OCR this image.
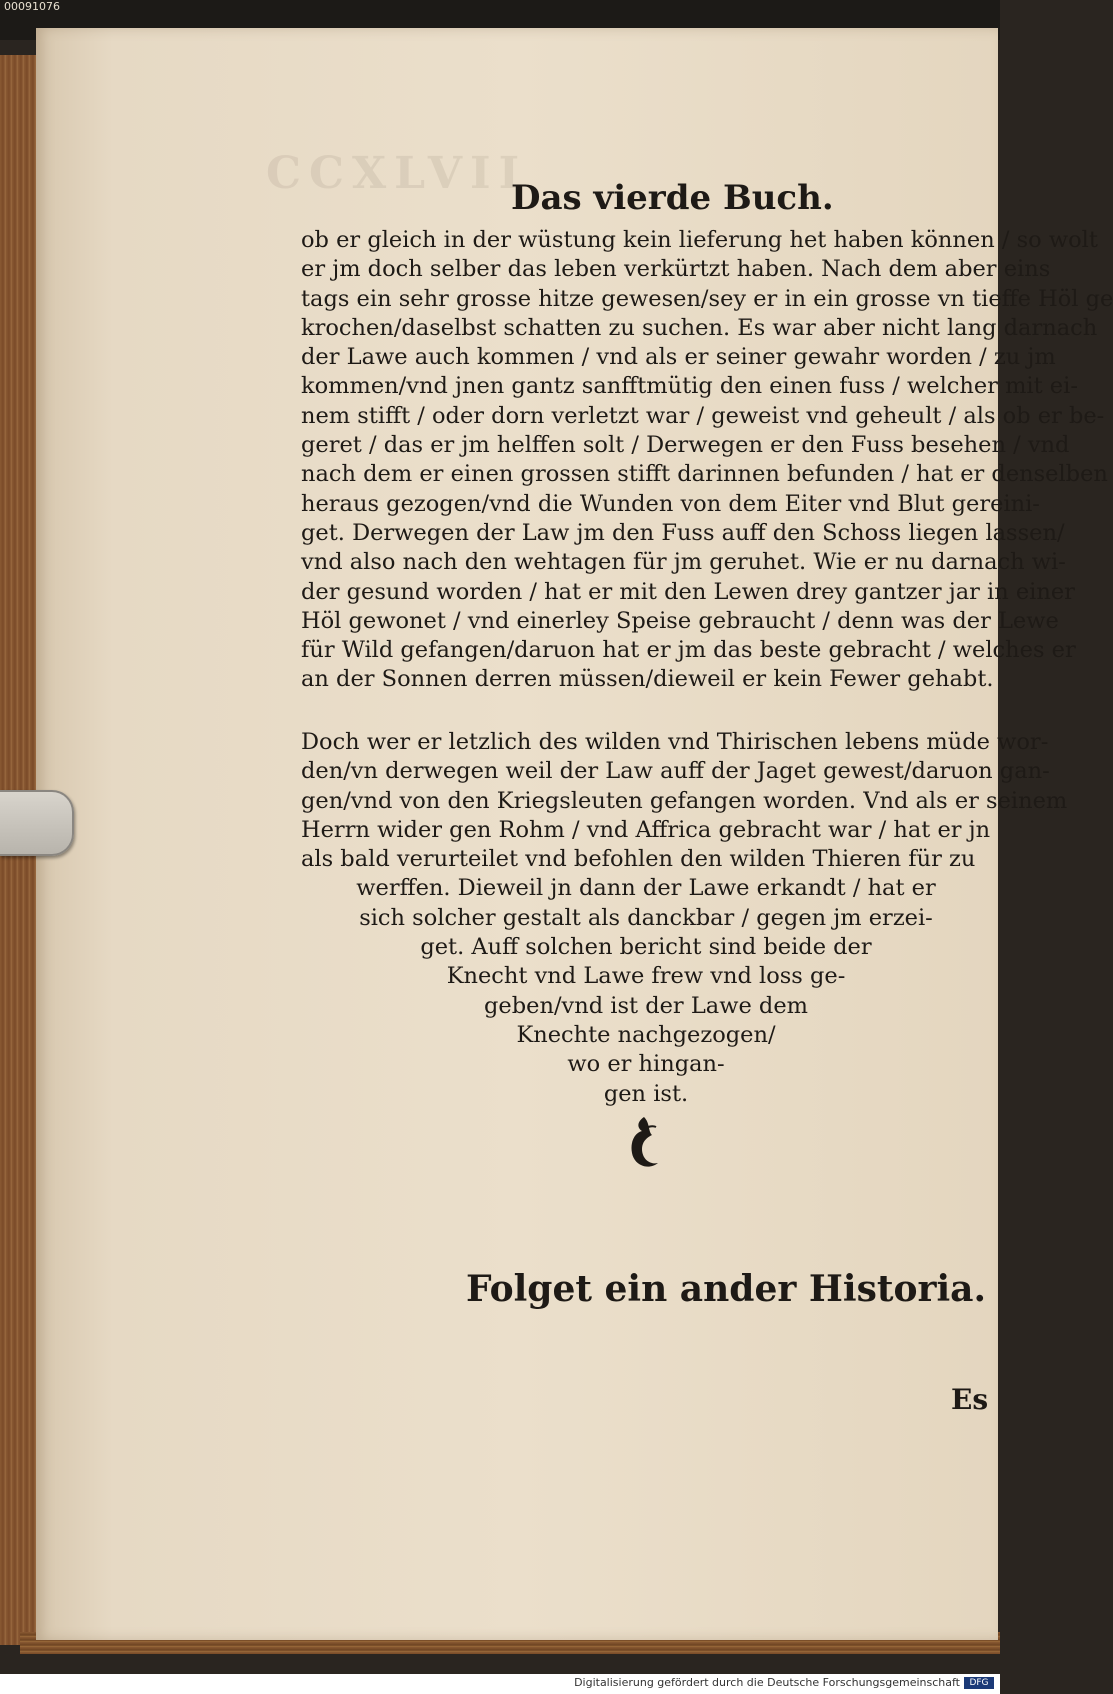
00091076
CCXLVII
Das vierde Buch.
ob er gleich in der wüstung kein lieferung het haben können / so wolt
er jm doch selber das leben verkürtzt haben. Nach dem aber eins
tags ein sehr grosse hitze gewesen/sey er in ein grosse vn tieffe Höl ge
krochen/daselbst schatten zu suchen. Es war aber nicht lang darnach
der Lawe auch kommen / vnd als er seiner gewahr worden / zu jm
kommen/vnd jnen gantz sanfftmütig den einen fuss / welcher mit ei-
nem stifft / oder dorn verletzt war / geweist vnd geheult / als ob er be-
geret / das er jm helffen solt / Derwegen er den Fuss besehen / vnd
nach dem er einen grossen stifft darinnen befunden / hat er denselben
heraus gezogen/vnd die Wunden von dem Eiter vnd Blut gereini-
get. Derwegen der Law jm den Fuss auff den Schoss liegen lassen/
vnd also nach den wehtagen für jm geruhet. Wie er nu darnach wi-
der gesund worden / hat er mit den Lewen drey gantzer jar in einer
Höl gewonet / vnd einerley Speise gebraucht / denn was der Lewe
für Wild gefangen/daruon hat er jm das beste gebracht / welches er
an der Sonnen derren müssen/dieweil er kein Fewer gehabt.
Doch wer er letzlich des wilden vnd Thirischen lebens müde wor-
den/vn derwegen weil der Law auff der Jaget gewest/daruon gan-
gen/vnd von den Kriegsleuten gefangen worden. Vnd als er seinem
Herrn wider gen Rohm / vnd Affrica gebracht war / hat er jn
als bald verurteilet vnd befohlen den wilden Thieren für zu
werffen. Dieweil jn dann der Lawe erkandt / hat er
sich solcher gestalt als danckbar / gegen jm erzei-
get. Auff solchen bericht sind beide der
Knecht vnd Lawe frew vnd loss ge-
geben/vnd ist der Lawe dem
Knechte nachgezogen/
wo er hingan-
gen ist.
Folget ein ander Historia.
Es
Digitalisierung gefördert durch die Deutsche Forschungsgemeinschaft	DFG
